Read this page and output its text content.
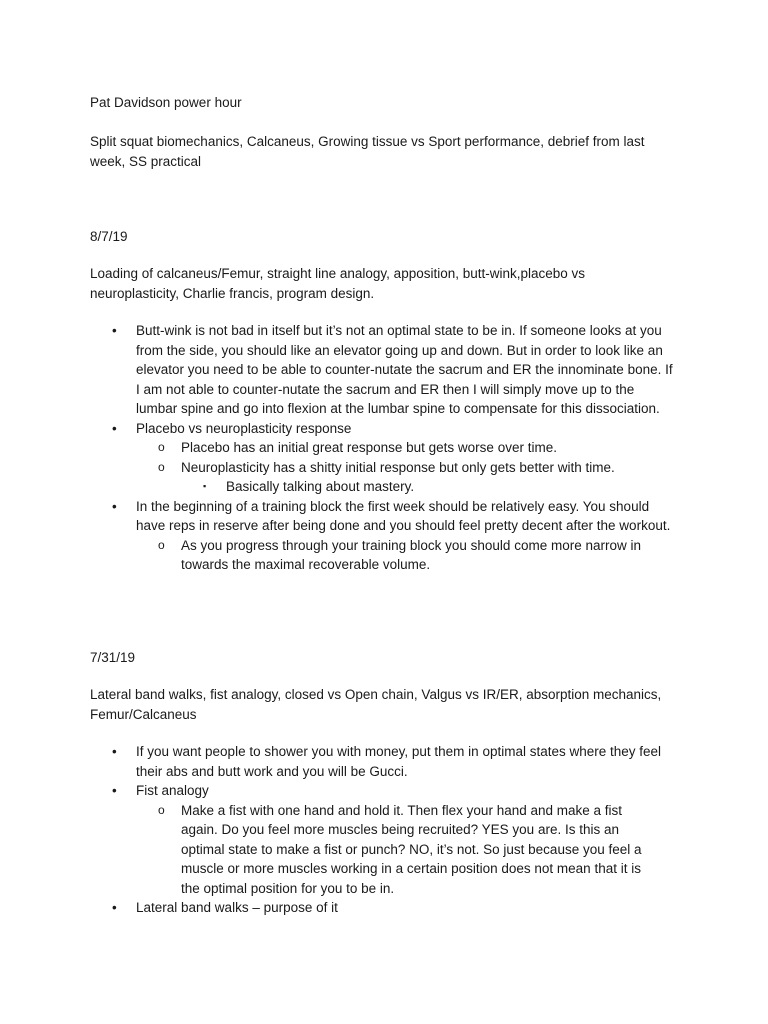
Pat Davidson power hour

Split squat biomechanics, Calcaneus, Growing tissue vs Sport performance, debrief from last week, SS practical

8/7/19

Loading of calcaneus/Femur, straight line analogy, apposition, butt-wink,placebo vs neuroplasticity, Charlie francis, program design.

• Butt-wink is not bad in itself but it’s not an optimal state to be in. If someone looks at you from the side, you should like an elevator going up and down. But in order to look like an elevator you need to be able to counter-nutate the sacrum and ER the innominate bone. If I am not able to counter-nutate the sacrum and ER then I will simply move up to the lumbar spine and go into flexion at the lumbar spine to compensate for this dissociation.
• Placebo vs neuroplasticity response
o Placebo has an initial great response but gets worse over time.
o Neuroplasticity has a shitty initial response but only gets better with time.
▪ Basically talking about mastery.
• In the beginning of a training block the first week should be relatively easy. You should have reps in reserve after being done and you should feel pretty decent after the workout.
o As you progress through your training block you should come more narrow in towards the maximal recoverable volume.

7/31/19

Lateral band walks, fist analogy, closed vs Open chain, Valgus vs IR/ER, absorption mechanics, Femur/Calcaneus

• If you want people to shower you with money, put them in optimal states where they feel their abs and butt work and you will be Gucci.
• Fist analogy
o Make a fist with one hand and hold it. Then flex your hand and make a fist again. Do you feel more muscles being recruited? YES you are. Is this an optimal state to make a fist or punch? NO, it’s not. So just because you feel a muscle or more muscles working in a certain position does not mean that it is the optimal position for you to be in.
• Lateral band walks – purpose of it
